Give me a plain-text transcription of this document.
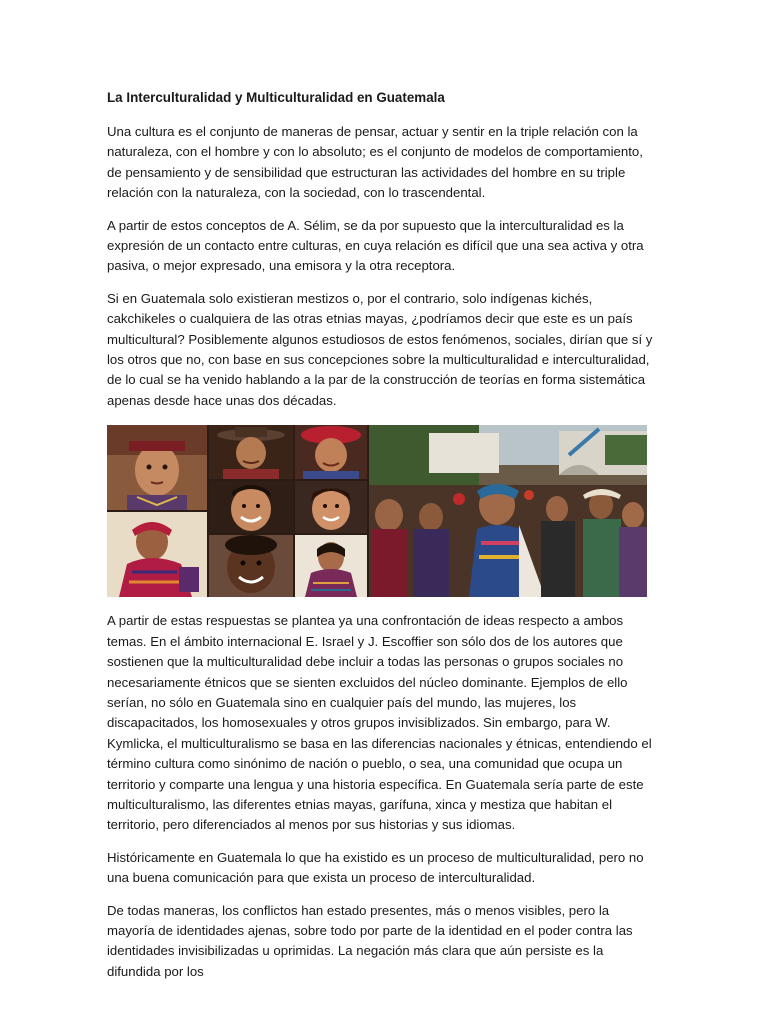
La Interculturalidad y Multiculturalidad en Guatemala

Una cultura es el conjunto de maneras de pensar, actuar y sentir en la triple relación con la naturaleza, con el hombre y con lo absoluto; es el conjunto de modelos de comportamiento, de pensamiento y de sensibilidad que estructuran las actividades del hombre en su triple relación con la naturaleza, con la sociedad, con lo trascendental.

A partir de estos conceptos de A. Sélim, se da por supuesto que la interculturalidad es la expresión de un contacto entre culturas, en cuya relación es difícil que una sea activa y otra pasiva, o mejor expresado, una emisora y la otra receptora.

Si en Guatemala solo existieran mestizos o, por el contrario, solo indígenas kichés, cakchikeles o cualquiera de las otras etnias mayas, ¿podríamos decir que este es un país multicultural? Posiblemente algunos estudiosos de estos fenómenos, sociales, dirían que sí y los otros que no, con base en sus concepciones sobre la multiculturalidad e interculturalidad, de lo cual se ha venido hablando a la par de la construcción de teorías en forma sistemática apenas desde hace unas dos décadas.

A partir de estas respuestas se plantea ya una confrontación de ideas respecto a ambos temas. En el ámbito internacional E. Israel y J. Escoffier son sólo dos de los autores que sostienen que la multiculturalidad debe incluir a todas las personas o grupos sociales no necesariamente étnicos que se sienten excluidos del núcleo dominante. Ejemplos de ello serían, no sólo en Guatemala sino en cualquier país del mundo, las mujeres, los discapacitados, los homosexuales y otros grupos invisiblizados. Sin embargo, para W. Kymlicka, el multiculturalismo se basa en las diferencias nacionales y étnicas, entendiendo el término cultura como sinónimo de nación o pueblo, o sea, una comunidad que ocupa un territorio y comparte una lengua y una historia específica. En Guatemala sería parte de este multiculturalismo, las diferentes etnias mayas, garífuna, xinca y mestiza que habitan el territorio, pero diferenciados al menos por sus historias y sus idiomas.

Históricamente en Guatemala lo que ha existido es un proceso de multiculturalidad, pero no una buena comunicación para que exista un proceso de interculturalidad.

De todas maneras, los conflictos han estado presentes, más o menos visibles, pero la mayoría de identidades ajenas, sobre todo por parte de la identidad en el poder contra las identidades invisibilizadas u oprimidas. La negación más clara que aún persiste es la difundida por los
